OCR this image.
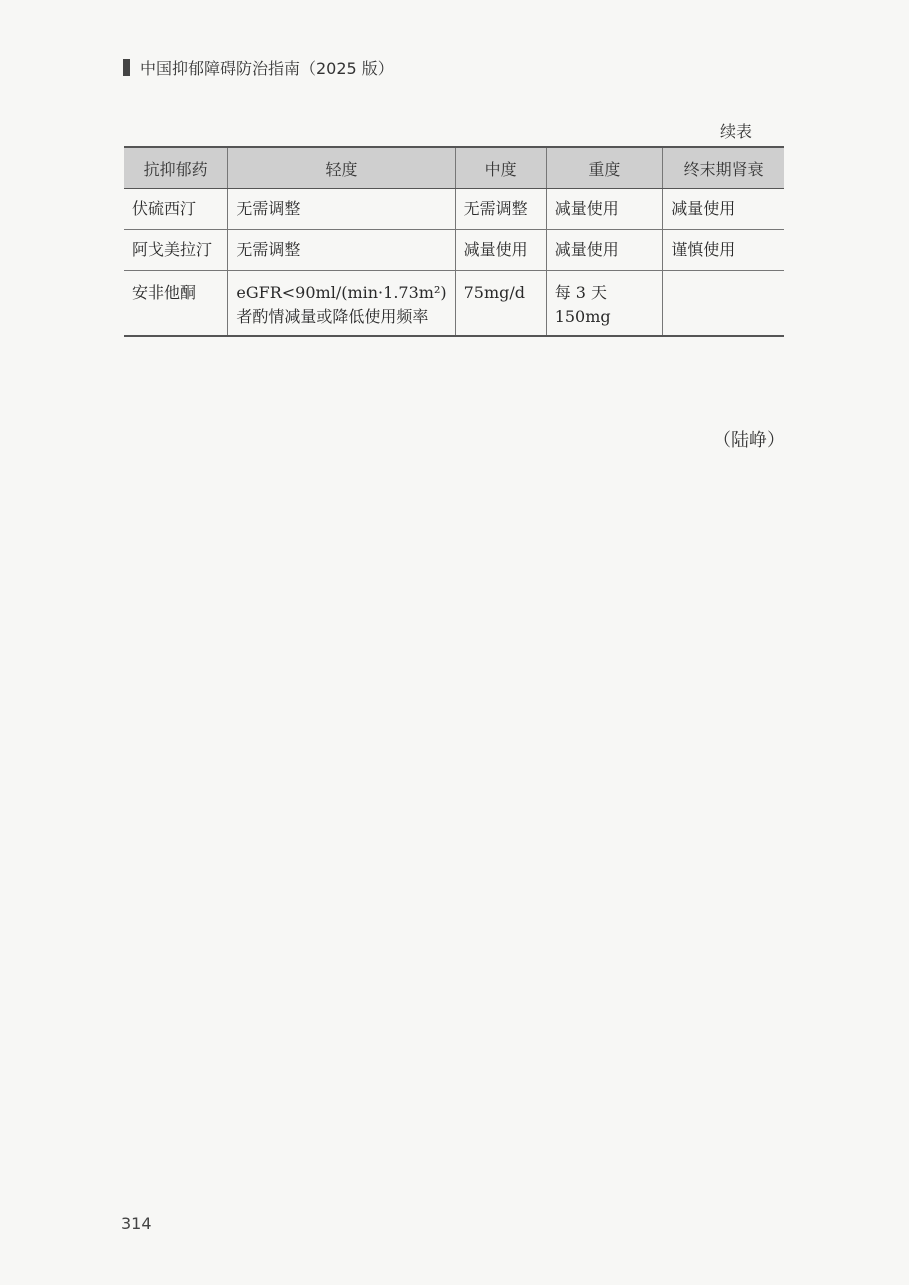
中国抑郁障碍防治指南（2025 版）
续表
抗抑郁药	轻度	中度	重度	终末期肾衰
伏硫西汀	无需调整	无需调整	减量使用	减量使用
阿戈美拉汀	无需调整	减量使用	减量使用	谨慎使用
安非他酮	eGFR<90ml/(min·1.73m²)者酌情减量或降低使用频率	75mg/d	每 3 天 150mg	
（陆峥）
314
